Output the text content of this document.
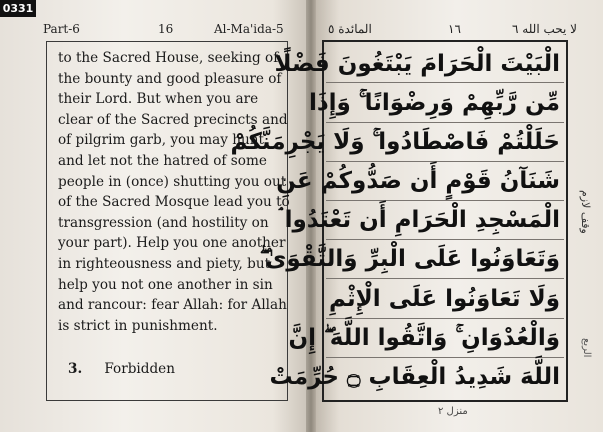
0331
Part-6	16	Al-Ma'ida-5

to the Sacred House, seeking of
the bounty and good pleasure of
their Lord. But when you are
clear of the Sacred precincts and
of pilgrim garb, you may hunt
and let not the hatred of some
people in (once) shutting you out
of the Sacred Mosque lead you to
transgression (and hostility on
your part). Help you one another
in righteousness and piety, but
help you not one another in sin
and rancour: fear Allah: for Allah
is strict in punishment.

3. Forbidden
المائدة ٥	١٦	لا يحب الله ٦
الْبَيْتَ الْحَرَامَ يَبْتَغُونَ فَضْلًا
مِّن رَّبِّهِمْ وَرِضْوَانًا ۚ وَإِذَا
حَلَلْتُمْ فَاصْطَادُوا ۚ وَلَا يَجْرِمَنَّكُمْ
شَنَآنُ قَوْمٍ أَن صَدُّوكُمْ عَنِ
الْمَسْجِدِ الْحَرَامِ أَن تَعْتَدُوا ۘ
وَتَعَاوَنُوا عَلَى الْبِرِّ وَالتَّقْوَىٰ ۖ
وَلَا تَعَاوَنُوا عَلَى الْإِثْمِ
وَالْعُدْوَانِ ۚ وَاتَّقُوا اللَّهَ ۖ إِنَّ
اللَّهَ شَدِيدُ الْعِقَابِ ۝ حُرِّمَتْ
وقف لازم
الربع
منزل ٢
